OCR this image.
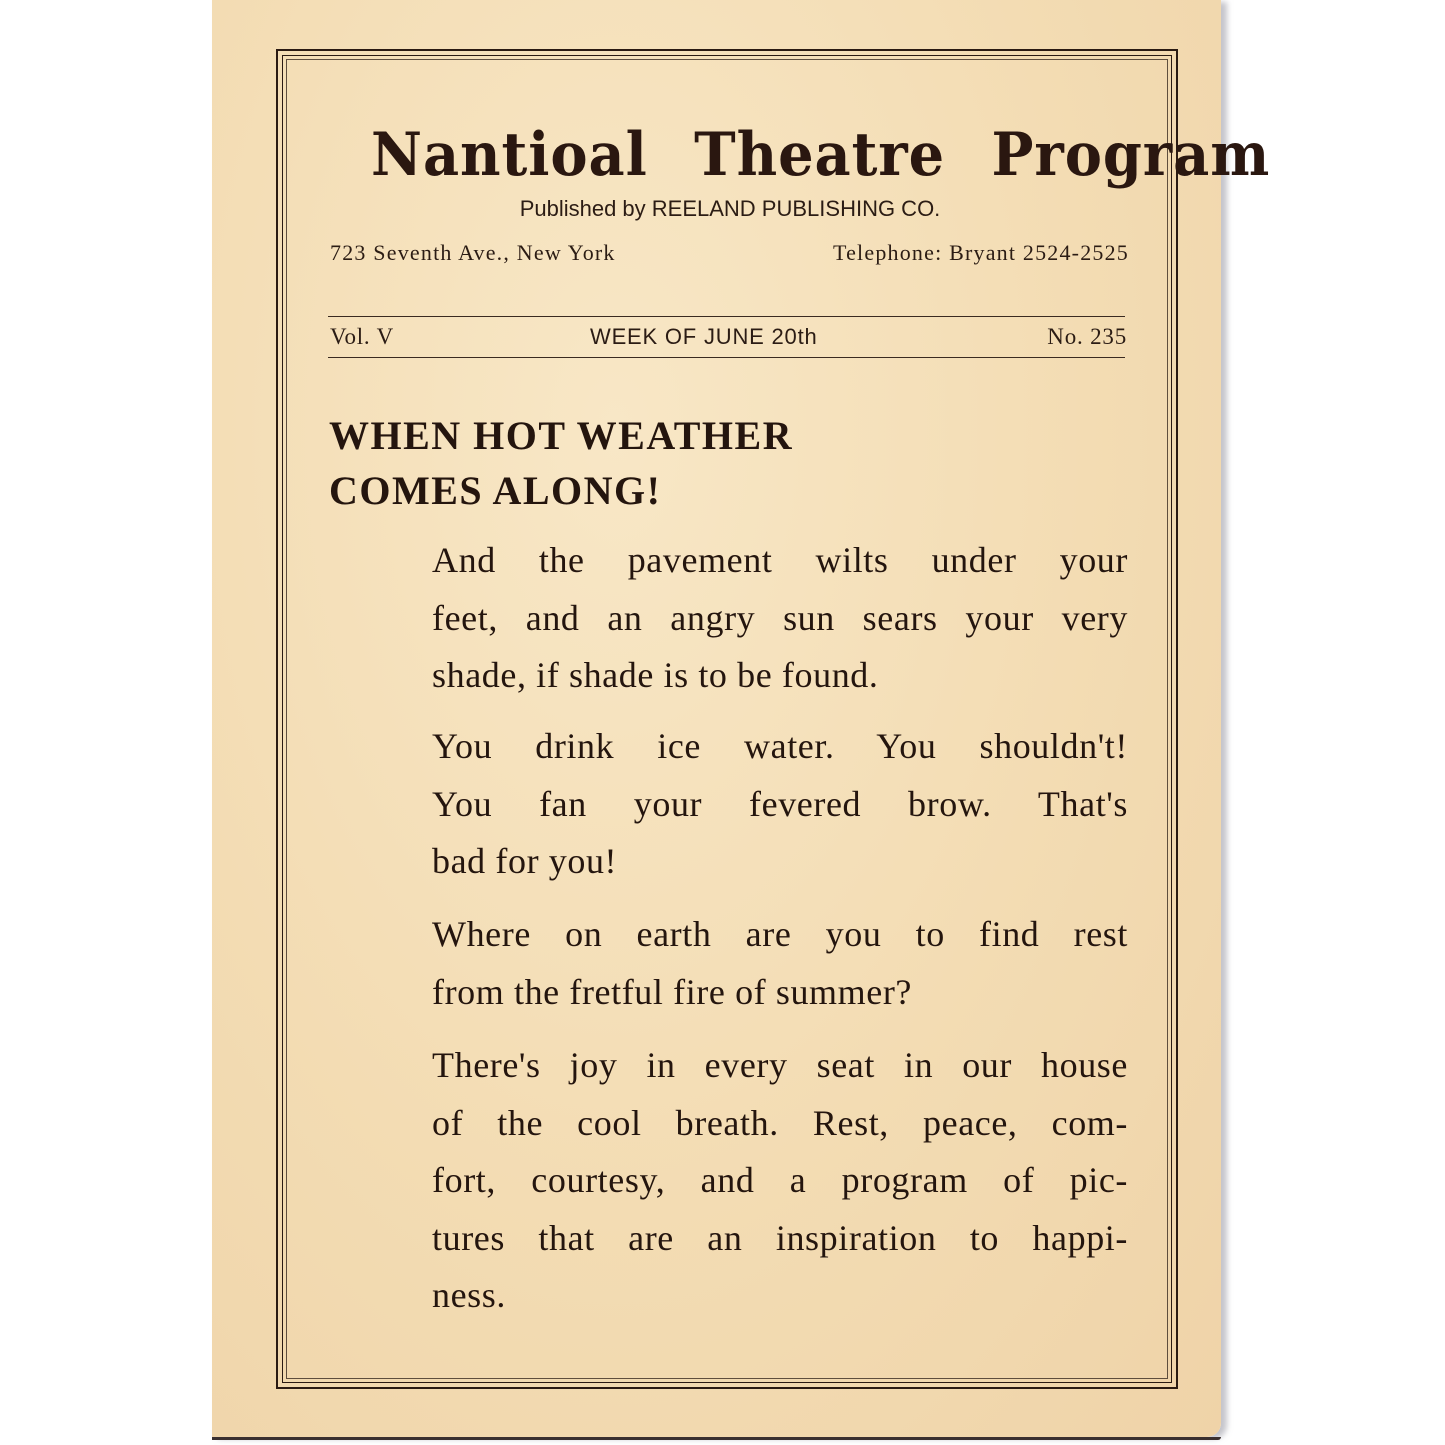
Nantioal Theatre Program
Published by REELAND PUBLISHING CO.
723 Seventh Ave., New York	Telephone: Bryant 2524-2525
Vol. V	WEEK OF JUNE 20th	No. 235
WHEN HOT WEATHER
COMES ALONG!
And the pavement wilts under your
feet, and an angry sun sears your very
shade, if shade is to be found.
You drink ice water. You shouldn't!
You fan your fevered brow. That's
bad for you!
Where on earth are you to find rest
from the fretful fire of summer?
There's joy in every seat in our house
of the cool breath. Rest, peace, com-
fort, courtesy, and a program of pic-
tures that are an inspiration to happi-
ness.
